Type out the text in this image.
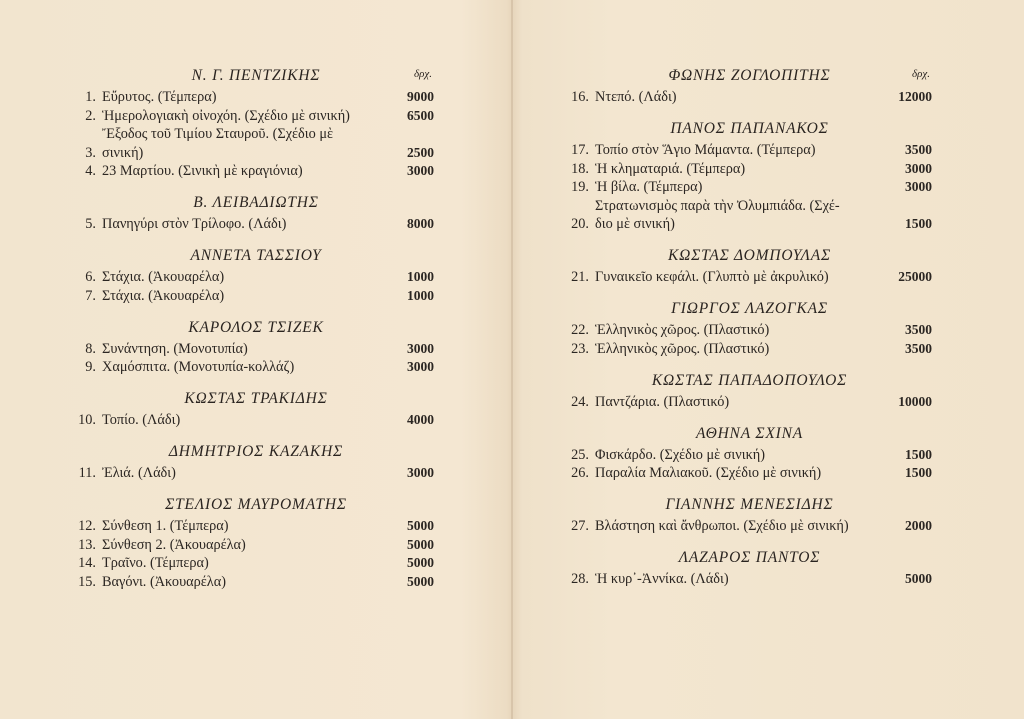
Ν. Γ. ΠΕΝΤΖΙΚΗΣ	δρχ.
1. Εὔρυτος. (Τέμπερα)	9000
2. Ἡμερολογιακὴ οἰνοχόη. (Σχέδιο μὲ σινική)	6500
3.
Ἔξοδος τοῦ Τιμίου Σταυροῦ. (Σχέδιο μὲ
σινική)	2500
4. 23 Μαρτίου. (Σινικὴ μὲ κραγιόνια)	3000
Β. ΛΕΙΒΑΔΙΩΤΗΣ
5. Πανηγύρι στὸν Τρίλοφο. (Λάδι)	8000
ΑΝΝΕΤΑ ΤΑΣΣΙΟΥ
6. Στάχια. (Ἀκουαρέλα)	1000
7. Στάχια. (Ἀκουαρέλα)	1000
ΚΑΡΟΛΟΣ ΤΣΙΖΕΚ
8. Συνάντηση. (Μονοτυπία)	3000
9. Χαμόσπιτα. (Μονοτυπία-κολλάζ)	3000
ΚΩΣΤΑΣ ΤΡΑΚΙΔΗΣ
10. Τοπίο. (Λάδι)	4000
ΔΗΜΗΤΡΙΟΣ ΚΑΖΑΚΗΣ
11. Ἐλιά. (Λάδι)	3000
ΣΤΕΛΙΟΣ ΜΑΥΡΟΜΑΤΗΣ
12. Σύνθεση 1. (Τέμπερα)	5000
13. Σύνθεση 2. (Ἀκουαρέλα)	5000
14. Τραῖνο. (Τέμπερα)	5000
15. Βαγόνι. (Ἀκουαρέλα)	5000
ΦΩΝΗΣ ΖΟΓΛΟΠΙΤΗΣ	δρχ.
16. Ντεπό. (Λάδι)	12000
ΠΑΝΟΣ ΠΑΠΑΝΑΚΟΣ
17. Τοπίο στὸν Ἅγιο Μάμαντα. (Τέμπερα)	3500
18. Ἡ κληματαριά. (Τέμπερα)	3000
19. Ἡ βίλα. (Τέμπερα)	3000
20.
Στρατωνισμὸς παρὰ τὴν Ὀλυμπιάδα. (Σχέ-
διο μὲ σινική)	1500
ΚΩΣΤΑΣ ΔΟΜΠΟΥΛΑΣ
21. Γυναικεῖο κεφάλι. (Γλυπτὸ μὲ ἀκρυλικό)	25000
ΓΙΩΡΓΟΣ ΛΑΖΟΓΚΑΣ
22. Ἑλληνικὸς χῶρος. (Πλαστικό)	3500
23. Ἑλληνικὸς χῶρος. (Πλαστικό)	3500
ΚΩΣΤΑΣ ΠΑΠΑΔΟΠΟΥΛΟΣ
24. Παντζάρια. (Πλαστικό)	10000
ΑΘΗΝΑ ΣΧΙΝΑ
25. Φισκάρδο. (Σχέδιο μὲ σινική)	1500
26. Παραλία Μαλιακοῦ. (Σχέδιο μὲ σινική)	1500
ΓΙΑΝΝΗΣ ΜΕΝΕΣΙΔΗΣ
27. Βλάστηση καὶ ἄνθρωποι. (Σχέδιο μὲ σινική)	2000
ΛΑΖΑΡΟΣ ΠΑΝΤΟΣ
28. Ἡ κυρ᾽-Ἀννίκα. (Λάδι)	5000
